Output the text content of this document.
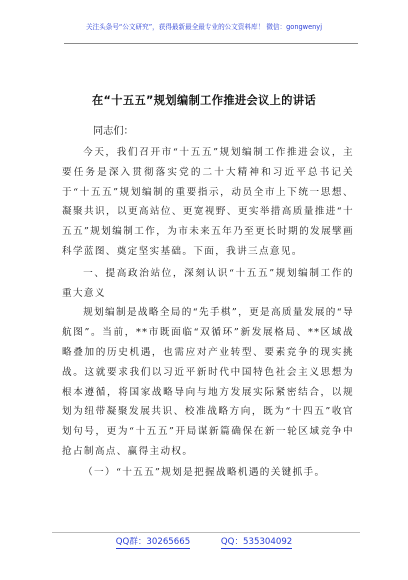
关注头条号“公文研究”，获得最新最全最专业的公文资料库！ 微信：gongwenyj
在“十五五”规划编制工作推进会议上的讲话
同志们：

今天，我们召开市“十五五”规划编制工作推进会议，主要任务是深入贯彻落实党的二十大精神和习近平总书记关于“十五五”规划编制的重要指示，动员全市上下统一思想、凝聚共识，以更高站位、更宽视野、更实举措高质量推进“十五五”规划编制工作，为市未来五年乃至更长时期的发展擘画科学蓝图、奠定坚实基础。下面，我讲三点意见。

一、提高政治站位，深刻认识“十五五”规划编制工作的重大意义

规划编制是战略全局的“先手棋”，更是高质量发展的“导航图”。当前，**市既面临“双循环”新发展格局、**区域战略叠加的历史机遇，也需应对产业转型、要素竞争的现实挑战。这就要求我们以习近平新时代中国特色社会主义思想为根本遵循，将国家战略导向与地方发展实际紧密结合，以规划为纽带凝聚发展共识、校准战略方向，既为“十四五”收官划句号，更为“十五五”开局谋新篇确保在新一轮区域竞争中抢占制高点、赢得主动权。

（一）“十五五”规划是把握战略机遇的关键抓手。

QQ群：30265665	QQ：535304092
